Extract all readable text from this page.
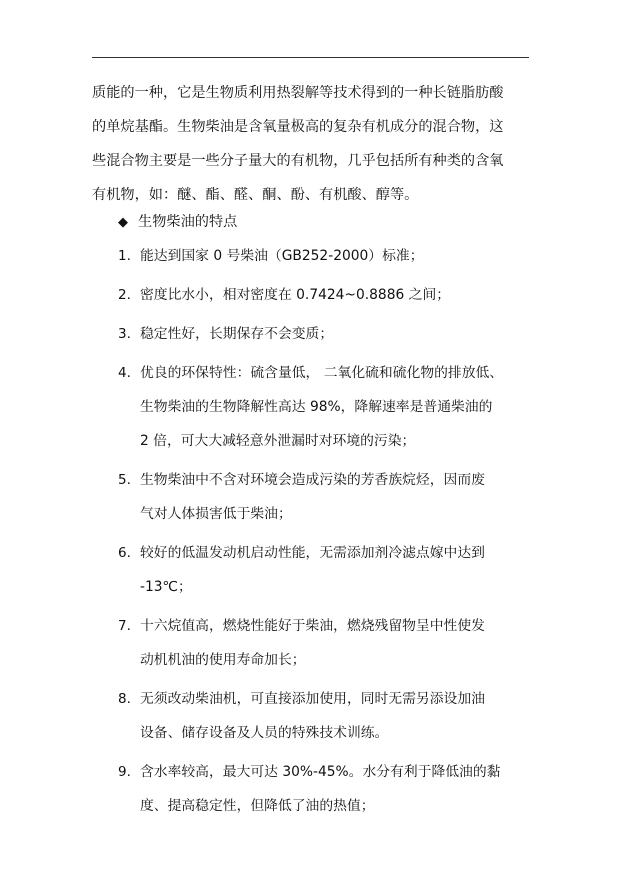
质能的一种，它是生物质利用热裂解等技术得到的一种长链脂肪酸
的单烷基酯。生物柴油是含氧量极高的复杂有机成分的混合物，这
些混合物主要是一些分子量大的有机物，几乎包括所有种类的含氧
有机物，如：醚、酯、醛、酮、酚、有机酸、醇等。
◆ 生物柴油的特点
1. 能达到国家 0 号柴油（GB252-2000）标准；
2. 密度比水小，相对密度在 0.7424~0.8886 之间；
3. 稳定性好，长期保存不会变质；
4. 优良的环保特性：硫含量低， 二氧化硫和硫化物的排放低、
生物柴油的生物降解性高达 98%，降解速率是普通柴油的
2 倍，可大大减轻意外泄漏时对环境的污染；
5. 生物柴油中不含对环境会造成污染的芳香族烷烃，因而废
气对人体损害低于柴油；
6. 较好的低温发动机启动性能，无需添加剂冷滤点嫁中达到
-13℃；
7. 十六烷值高，燃烧性能好于柴油，燃烧残留物呈中性使发
动机机油的使用寿命加长；
8. 无须改动柴油机，可直接添加使用，同时无需另添设加油
设备、储存设备及人员的特殊技术训练。
9. 含水率较高，最大可达 30%-45%。水分有利于降低油的黏
度、提高稳定性，但降低了油的热值；
